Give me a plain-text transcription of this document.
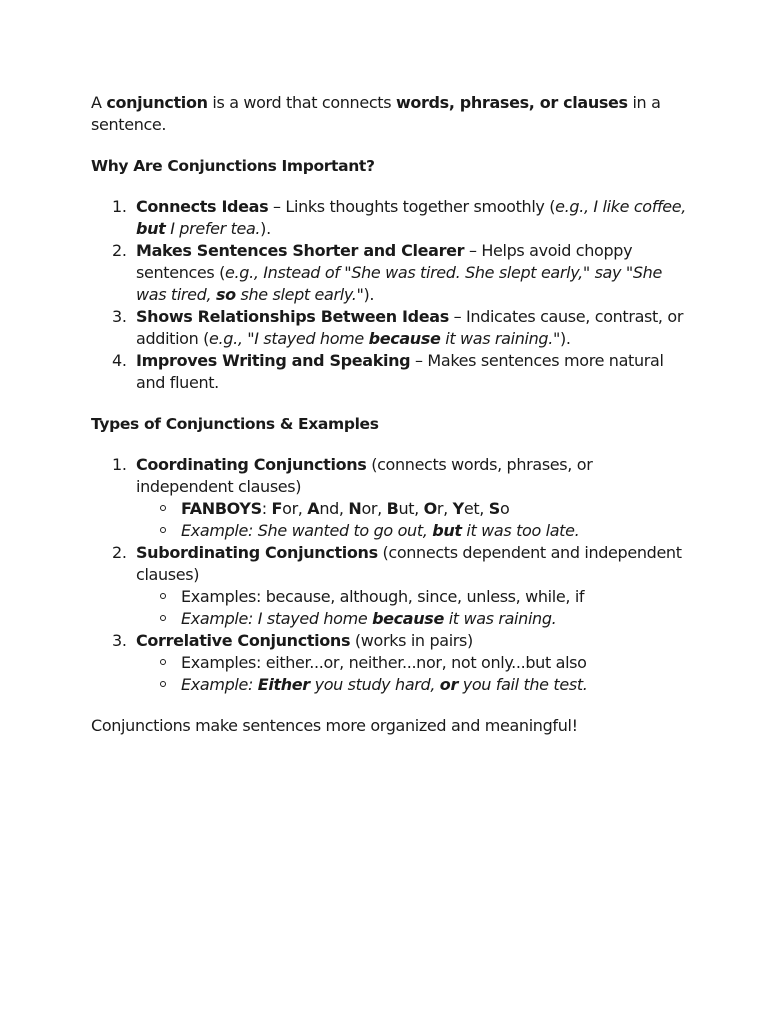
A conjunction is a word that connects words, phrases, or clauses in a sentence.

Why Are Conjunctions Important?

1. Connects Ideas – Links thoughts together smoothly (e.g., I like coffee, but I prefer tea.).
2. Makes Sentences Shorter and Clearer – Helps avoid choppy sentences (e.g., Instead of "She was tired. She slept early," say "She was tired, so she slept early.").
3. Shows Relationships Between Ideas – Indicates cause, contrast, or addition (e.g., "I stayed home because it was raining.").
4. Improves Writing and Speaking – Makes sentences more natural and fluent.

Types of Conjunctions & Examples

1. Coordinating Conjunctions (connects words, phrases, or independent clauses)
FANBOYS: For, And, Nor, But, Or, Yet, So
Example: She wanted to go out, but it was too late.
2. Subordinating Conjunctions (connects dependent and independent clauses)
Examples: because, although, since, unless, while, if
Example: I stayed home because it was raining.
3. Correlative Conjunctions (works in pairs)
Examples: either...or, neither...nor, not only...but also
Example: Either you study hard, or you fail the test.

Conjunctions make sentences more organized and meaningful!
